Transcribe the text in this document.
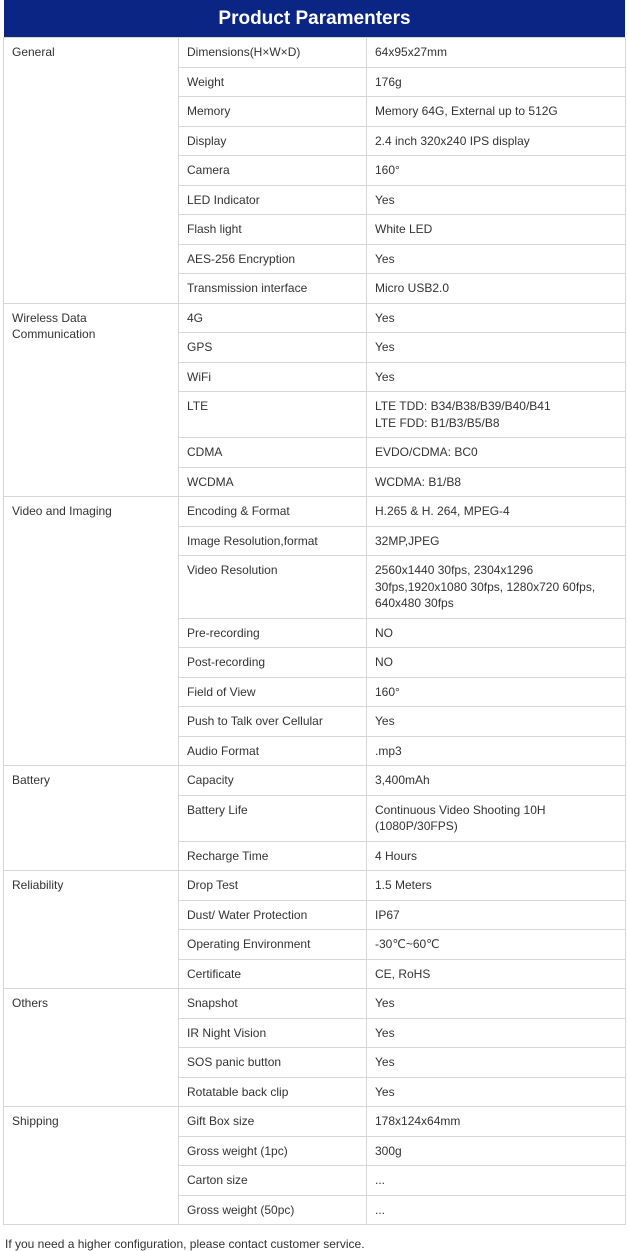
Product Paramenters
General	Dimensions(H×W×D)	64x95x27mm
	Weight	176g
	Memory	Memory 64G, External up to 512G
	Display	2.4 inch 320x240 IPS display
	Camera	160°
	LED Indicator	Yes
	Flash light	White LED
	AES-256 Encryption	Yes
	Transmission interface	Micro USB2.0
Wireless Data Communication	4G	Yes
	GPS	Yes
	WiFi	Yes
	LTE	LTE TDD: B34/B38/B39/B40/B41
LTE FDD: B1/B3/B5/B8
	CDMA	EVDO/CDMA: BC0
	WCDMA	WCDMA: B1/B8
Video and Imaging	Encoding & Format	H.265 & H. 264, MPEG-4
	Image Resolution,format	32MP,JPEG
	Video Resolution	2560x1440 30fps, 2304x1296
30fps,1920x1080 30fps, 1280x720 60fps,
640x480 30fps
	Pre-recording	NO
	Post-recording	NO
	Field of View	160°
	Push to Talk over Cellular	Yes
	Audio Format	.mp3
Battery	Capacity	3,400mAh
	Battery Life	Continuous Video Shooting 10H
(1080P/30FPS)
	Recharge Time	4 Hours
Reliability	Drop Test	1.5 Meters
	Dust/ Water Protection	IP67
	Operating Environment	-30℃~60℃
	Certificate	CE, RoHS
Others	Snapshot	Yes
	IR Night Vision	Yes
	SOS panic button	Yes
	Rotatable back clip	Yes
Shipping	Gift Box size	178x124x64mm
	Gross weight (1pc)	300g
	Carton size	...
	Gross weight (50pc)	...
If you need a higher configuration, please contact customer service.
